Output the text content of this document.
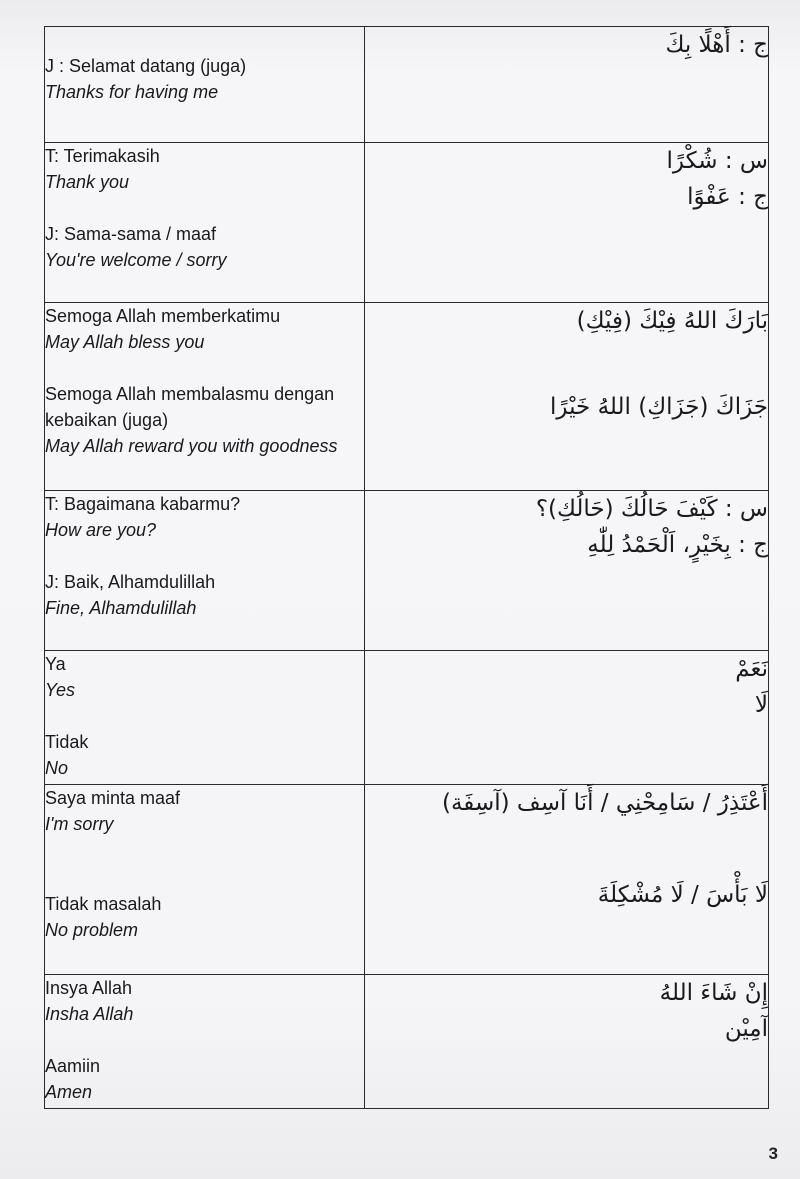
J : Selamat datang (juga)
Thanks for having me	ج : أَهْلًا بِكَ

T: Terimakasih
Thank you
J: Sama-sama / maaf
You're welcome / sorry	س : شُكْرًا
ج : عَفْوًا

Semoga Allah memberkatimu
May Allah bless you
Semoga Allah membalasmu dengan
kebaikan (juga)
May Allah reward you with goodness	بَارَكَ اللهُ فِيْكَ (فِيْكِ)
جَزَاكَ (جَزَاكِ) اللهُ خَيْرًا

T: Bagaimana kabarmu?
How are you?
J: Baik, Alhamdulillah
Fine, Alhamdulillah	س : كَيْفَ حَالُكَ (حَالُكِ)؟
ج : بِخَيْرٍ، اَلْحَمْدُ لِلّٰهِ

Ya
Yes
Tidak
No	نَعَمْ
لَا

Saya minta maaf
I'm sorry
Tidak masalah
No problem	أَعْتَذِرُ / سَامِحْنِي / أَنَا آسِف (آسِفَة)
لَا بَأْسَ / لَا مُشْكِلَةَ

Insya Allah
Insha Allah
Aamiin
Amen	إِنْ شَاءَ اللهُ
آمِيْن
3
